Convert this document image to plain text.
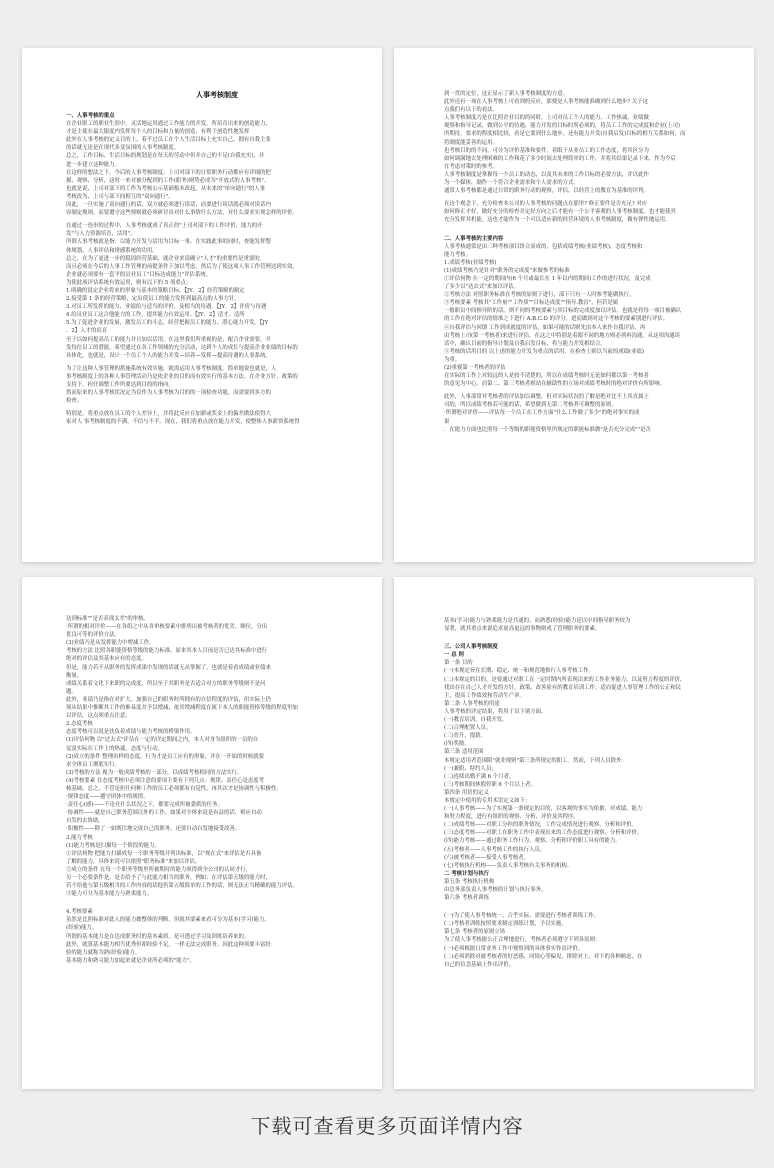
人事考核制度
一、人事考核的重点
在企业职工的职业生涯中，灵活地运用通过工作能力的开发，所培育出来的创造能力，
才是主使在最大限度内发挥每个人的目标和力量的创造，有利于创造性地发挥
此外在人事考核的定义目的上，着不过员工在个人生活目标上充实自己，拥有自我主张
的话就无论是在现代多变氛围的人事考核制度。
总之，工作目标、生活目标的规划是在每天的劳动中但并自己的不足(自我充实)，并
进一步建立这种能力。
在这样的想法之下，今后的人事考核制度，上司对部下的日常职务行动都应有详细的把
握、观察、分析，这时一来对被分配到的工作(职务)则势必成为"开放式的人事考核"。
也就是说，上司对部下的工作为考核公示基础根本改起。从未来的"单向通行"的人事
考核改为，上司与部下间相互的"双向通行"。
因此，一旦实施了双向通行的话，双方就必须进行谈话，而要进行谈话就必须对谈话内
容制定规则，而要遵守这些规则就必须研讨出对什么事情什么方法，对什么要求实现怎样的评价。
在通过一连串的过程中，人事考核就成了真正的"上司对部下的工作评价，能力的开
发"与人力资源培育，活用"。
所谓人事考核就是指：以能力开发与活用为目标一事，在实践此事的同时，查能发挥整
体规划、人事评估和排感系统的功用。
总之，在为了更进一步的稳固经营基础，就企业来说确立"人才"的重要性是重要的。
而且必须在今后的人事工作管理的前提条件下加以考虑，然后为了使这项人事工作管理达到实效，
企业就必须要有一套平的员业员工"目标达成能力"评估系统。
为使此项评估系统有效运用，则有以下的 5 项重点：
1.明确的说定企业将来的形象与基本的策略目标。【JY．2】经营策略的制定
2.接受第 1 条的经营策略，定出使员工的能力发挥到最高点的人事方针。
3.对员工所发挥的能力、业绩给与适当的评价，及相当的待遇。【JY．2】评价与待遇
4.给员业员工这合他能力的工作，提其能力有效运用。【JY．2】适才、适所
5.为了促进企业的发展，激发员工的斗志，经营把握员工的能力、潜心能力开发。【JY
．2】人才的培育
至于以如何提高员工的能力并且加以活用，在这里我们所重视的是，配合企业需要，开
发每位员工的潜能，希望通过在各工作领域的充分活动，达到个人的成长与提高企业业绩的目标的
具体化，也就是，设计一个员工个人的能力开发—培养—发挥—提高待遇的人事系统。
为了让这种人事管理的措施系统有效实施，就需运用人事考核制度。简单地说也就是，人
事考核制度上的各种人事管理活动乃是依企业的目的而有效实行的基本方法。在企业方针、政策的
支持下，担任调整工作所要达到目的的指向。
然而原来的人事考核状况定为仅作为人事考核为目的的一项检查功能，而需要到多方的
检查。
特别是，将重点放在员工的个人差异上，并将此反应在加薪或奖金上的偏差做法使得大
家对人 事考核制度的不满、不信与不平。现在，我们将重点放在能力开发，使整体人事薪资系统得
到一贯的定位，这正显示了新人事考核制度的方意。
此外还有一项在人事考核上可看到的反应，那便是人事考核能准确到什么地步? 关于这
点我们有以下的看法。
人事考核制度乃是在比照企业目的的同时，上司对员工个人的能力、工作热诚、业绩做
观察和指导记录，做到公平的待遇，能力开发的目标时所必须的，将员工工作的完成度和企业(上司)
所期待，要求的程度相比较，看是它要到什么地步，还有能力开发(自我启发)目标的相互关系如何，而
将制度能妥善的运用。
也考核目的的不同，可分为评价基准和要件，着眼于从业员工的工作态度，将其区分为
如何调满地去处理困难的工作和花了多少时间去处理简单的工作，并将其结果记录下来，作为今后
在考虑对策时的参考。
人事考核制度是掌握每一个员工的动态，以及其未来的工作目标的必要方法，并以此作
为一个媒体，制作一个符合企业需求和个人需求的方式。
通常人事考核都是通过日常的职务行动的观察，评估，以经营上的教育为基准的评判。
在这个观念下，充分检查本公司的人事考核的问题点在那里? 修正要件是否充足? 对应
如何修正才好，做好充分的检查并定好方向之后才能有一个公平客观的人事考核制度。也才能使其
充分发挥其机能。这也才能作为一个可以适应新的经营环境的人事考核制度，做有弹性地运用。
二、人事考核的主要内容
人事考核通常是由三种考核项目组合而成的，包括成绩考核(业绩考核)，态度考核和
能力考核。
1.成绩考核(业绩考核)
(1)成绩考核乃是针对"职务的完成度"来做参考的标准
①评估何物 在一定的期间内(6 个月或最长在 1 年以内的期间)工作的进行状况，及完成
了多少以"达去式"来加以评估。
②考核方法 对照职务标准在考核的原则下进行，部下只有一人时参考能做执行。
③考核要素 考核其"工作量""工作质""目标达成度""指导.教育"，但若是属
一般职员中间指导阶的话，则不同的考核要素与其目标的完成度加以评估。也就是将每一项目被确认
的工作在绝对评估的情准之下进行 A.B.C.D 的评分，进而做到对这个考核的要素别进行评估。
④自我评估与回馈 工作到成就度的评估，如果可能的话则先由本人来作自我评估，再
由考核上司(第一考核者)来进行评估，在这之中特别是着眼不同的地方则必须再沟通，从这项沟通谈
话中，确认目前的指导计划及自我启发目标，将与能力开发相结合。
⑤考核的话用目的 以上述的能力开发为重点的话用，在检查上则以当前的成绩(业绩)
为重。
(2)重视第一考核者的评估
在实际的工作上对较远的人是较不清楚的，所以在成绩考核时无论如何都以第一考核者
的意见为中心。而第二、第三考核者则站在辅助性的立场对成绩考核时的绝对评价有所影响。
此外，人事部常对考核者的评估加以调整，但对实际状况的了解是绝对比不上其直属上
司的，所以成绩考核若可能的话，希望做到无第二考核者可调整的原则。
·所谓绝对评价——评估每一个员工在工作方面"什么工作做了多少"的绝对事实的成
果
．在能力方面也比照每一个等级的职能资格里所规定的职能标准做"是否充分完成""是否
达到标准""是否表现太差"的审核。
·所谓的相对评价——在各组之中从各审核要素中排列出被考核者的优劣、顺位、分出
优良可等的评价方法。
(3)业绩乃是从发挥能力中增减工作。
考核的方法 比照各职能资格等级的能力标准，原来其本人目前是否已达其标准中进行
绝对的评估及其基本应有的态度。
但是，能力若不从职务的发挥成果中发现的话就无从掌握了，也就是着看成绩或业绩来
衡量。
成绩关系着文化下来职的完成度，所以至于其职务是否适合对方的职务等级则不是问
题。
此外，业绩乃是指在对扩大、加强自己的职务时所拥有的自信程度的评估，但实际上仍
须从结果中推断其工作的难易度并予以增减，依其增减程度在属下本人的职能资格等级的程度里加
以评估，这点须重点注意。
2.态度考核
态度考核可以说是扶负着成绩与能力考核的桥梁作用。
(1)评估何物 以"过去式"评估在一定的评定期间之内，本人对身为组织的一员的自
觉及实际在工作上的热诚，态度与行动。
(2)成立的条件 整理出样的态度，行为才是员工应有的形象，并在一开始的时候就要
求全体员工彻底实行。
(3)考核的方法 视为一般成绩考核的一部分，以成绩考核相同的方法实行。
(4)考核要素 在态度考核中必须注意的要项主要有下列几点：规律，责任心是态度考
核基础，总之，不管是担任何种工作的员工必须都有自觉性，再其次才是协调性与积极性。
·规律态度——遵守团体中的规律。
·责任心(感)——不论在什么状况之下，都要完成所被委派的任务。
·协调性——就是自己职务范围以外的工作，如果对全体来说是有益的话，则应自动
自发的去协助。
·积极性——除了一如既往地完成自己的职务，还要自动自发地接受改善。
3.能力考核
(1)能力考核是扫描每一个阶段的能力。
①评估何物 把能力扫描成每一个职务等级并列出标准，以"现在式"来评估是否具备
了解的能力，具体来说可以依照"职务标准"来加以评估。
②成立的条件 在每一个职务等级里所被期待的能力须得到全公司的认同才行。
另一个必要条件是，是否给予了与此能力相当的职务，例如：在评估第五级的能力时，
若不给他与第五级相当的工作内容的话他仍第五级简单的工作的话，则无法正当精确的能力评估。
③能力可分为基本能力与熟柔能力。
4.考核要素
虽然是比照标准对此人的能力做整体的判断，但就其要素来看可分为基本(学习)能力，
(经验)能力。
所谓的基本能力是在达成职务时的基本素质，是可透过学习及训练培养来的。
此外，就算基本能力相当优秀但却经验不足，一样无法完成职务。因此这种须要丰富经
验的能力就称为熟(经验)能力。
基本能力和熟习能力加起来就是企业所必须的"能力"。
基本(学习)能力与熟柔能力是共通的，而熟悉(经验)能力是以中间指导职务较为
显著，就其重点来说追求更高更远的事物则成了管理职务的要素。
三、公司人事考核制度
一 总 则
第一条 目的
(一)本规定旨在长期、稳定、统一和规范地推行人事考核工作。
(二)本规定的目的，是要通过对职工在一定时期内所表现出来的工作业务能力，以及努力程度的评价，
找出存在自己人才开发的方针，政策，改善原有的教育培训工作，适而促进人事管理工作的公正和民
主，提高工作绩效和劳动生产率。
第二条 人事考核的用途
人事考核的评定结果，将用于以下诸方面。
(一)教育培训，自我开发。
(二)合理配置人员。
(三)晋升，提薪。
(四)奖励。
第三条 适用范围
本规定适用者范围限"就业规则"第三条所规定的职工。然而，下列人员除外：
(一)兼职、特约人员；
(二)连续出勤不满 6 个月者。
(三)考核期间休假停职 6 个月以上者。
第四条 用语的定义
本规定中使用的专用术语定义如下：
(一)人事考核——为了实现第一条规定的目的，以客观的事实为依据，对成绩、能力
和努力程度，进行有组织的观察、分析、评价及其程序。
(二)成绩考核——对职工分担的职务情况，工作完成情况进行观察、分析和评价。
(三)态度考核——对职工在职务工作中表现出来的工作态度进行观察、分析和评价。
(四)能力考核——通过职务工作行为，观察、分析和评价职工具有的能力。
(五)考核者——人事考核工作的执行人员。
(六)被考核者——接受人事考核者。
(七)考核执行机构——负责人事考核有关事务的机构。
二 考核计划与执行
第五条 考核执行机构
由总务部负责人事考核的计划与执行事务。
第六条 考核者训练
(一)为了使人事考核统一、合乎实际，需要进行考核者训练工作。
(二)考核者训练按照要求制定训练计划，予以实施。
第七条 考核者的原则立场
为了使人事考核能公正合理地进行，考核者必须遵守下列各原则：
(一)必须根据日常业务工作中观察到的具体事实作出评价。
(二)必须消除对被考核者的好恶感、同情心等偏见，排除对上、对下的各种顾虑，在
自己的信念基础上作出评价。
下载可查看更多页面详情内容
